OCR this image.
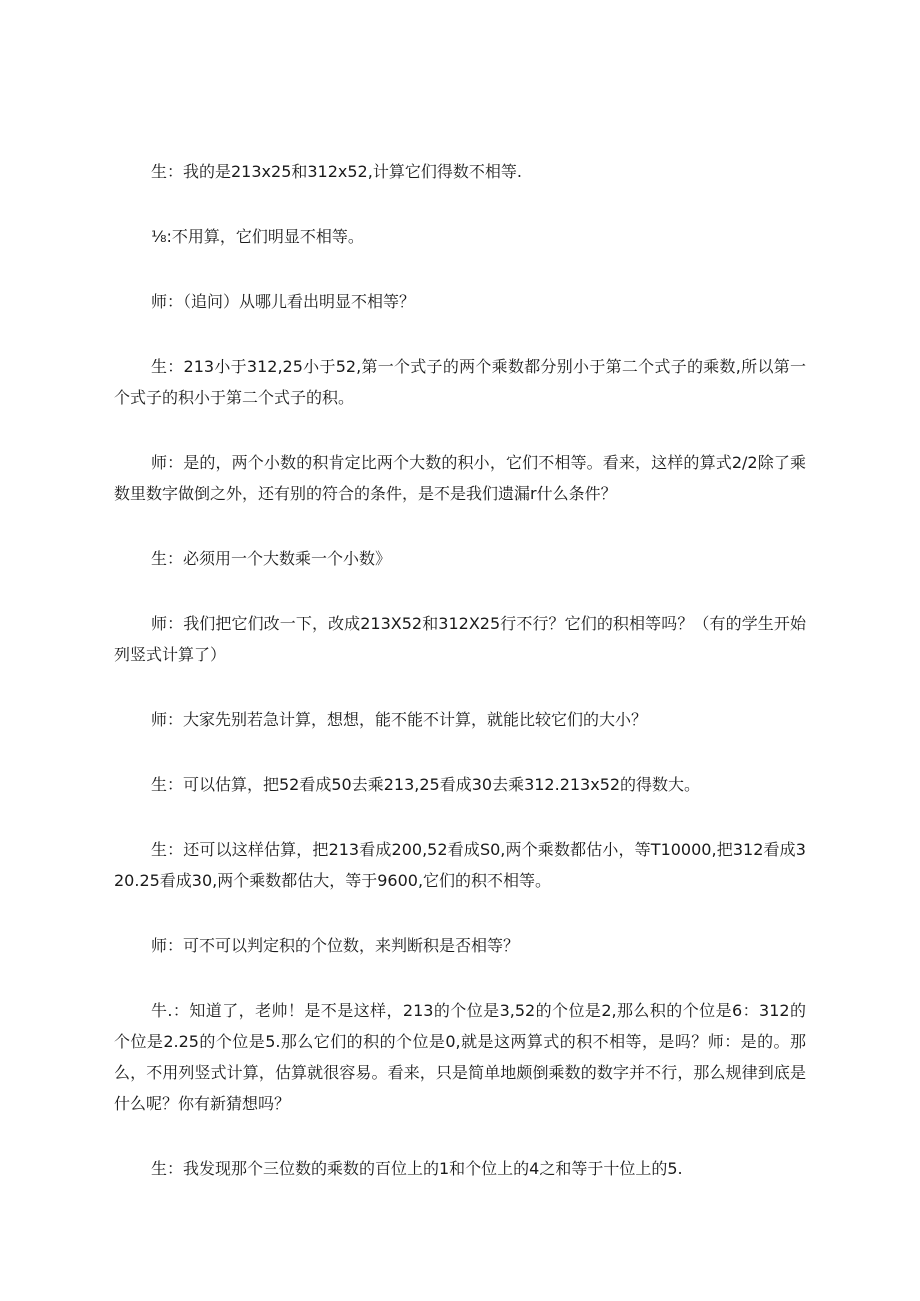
生：我的是213x25和312x52,计算它们得数不相等.

⅛:不用算，它们明显不相等。

师：（追问）从哪儿看出明显不相等？

生：213小于312,25小于52,第一个式子的两个乘数都分别小于第二个式子的乘数,所以第一个式子的积小于第二个式子的积。

师：是的，两个小数的积肯定比两个大数的积小，它们不相等。看来，这样的算式2/2除了乘数里数字做倒之外，还有别的符合的条件，是不是我们遗漏r什么条件？

生：必须用一个大数乘一个小数》

师：我们把它们改一下，改成213X52和312X25行不行？它们的积相等吗？（有的学生开始列竖式计算了）

师：大家先别若急计算，想想，能不能不计算，就能比较它们的大小？

生：可以估算，把52看成50去乘213,25看成30去乘312.213x52的得数大。

生：还可以这样估算，把213看成200,52看成S0,两个乘数都估小，等T10000,把312看成320.25看成30,两个乘数都估大，等于9600,它们的积不相等。

师：可不可以判定积的个位数，来判断积是否相等？

牛.：知道了，老帅！是不是这样，213的个位是3,52的个位是2,那么积的个位是6：312的个位是2.25的个位是5.那么它们的积的个位是0,就是这两算式的积不相等，是吗？师：是的。那么，不用列竖式计算，估算就很容易。看来，只是简单地颇倒乘数的数字并不行，那么规律到底是什么呢？你有新猜想吗？

生：我发现那个三位数的乘数的百位上的1和个位上的4之和等于十位上的5.
